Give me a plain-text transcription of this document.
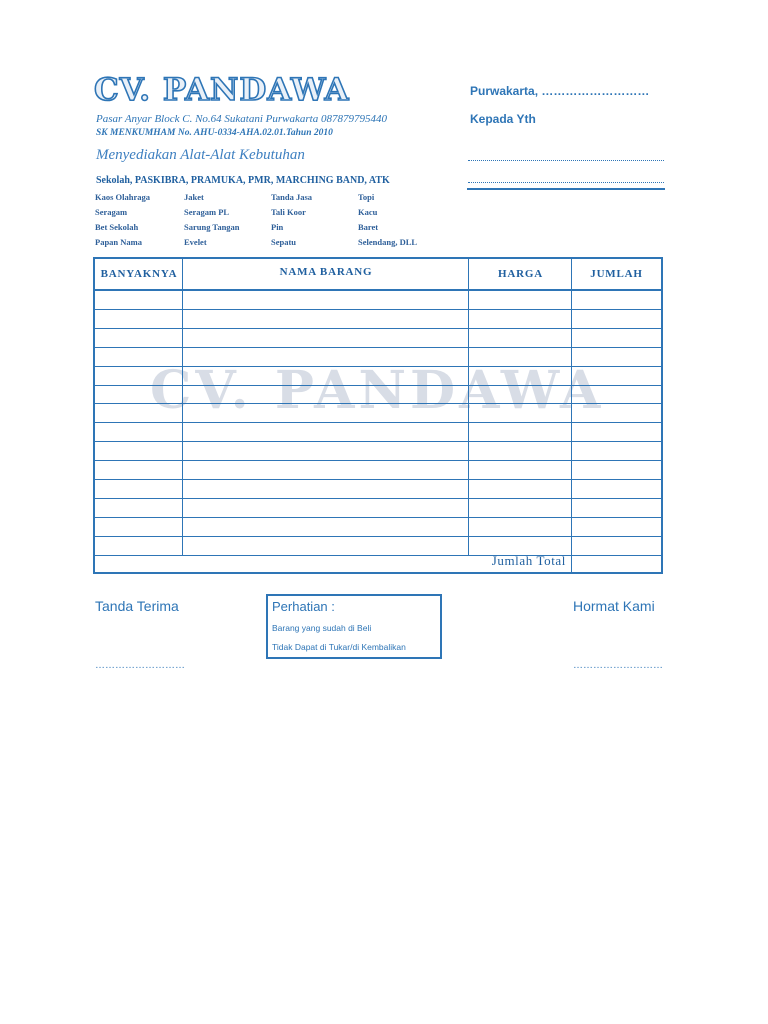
CV. PANDAWA
Pasar Anyar Block C. No.64 Sukatani Purwakarta 087879795440
SK MENKUMHAM No. AHU-0334-AHA.02.01.Tahun 2010
Menyediakan Alat-Alat Kebutuhan
Sekolah, PASKIBRA, PRAMUKA, PMR, MARCHING BAND, ATK
Kaos Olahraga	Jaket	Tanda Jasa	Topi
Seragam	Seragam PL	Tali Koor	Kacu
Bet Sekolah	Sarung Tangan	Pin	Baret
Papan Nama	Evelet	Sepatu	Selendang, DLL
Purwakarta, ………………………
Kepada Yth
CV. PANDAWA
BANYAKNYA	NAMA BARANG	HARGA	JUMLAH
Jumlah Total
Tanda Terima
………………………
Perhatian :
Barang yang sudah di Beli
Tidak Dapat di Tukar/di Kembalikan
Hormat Kami
………………………
